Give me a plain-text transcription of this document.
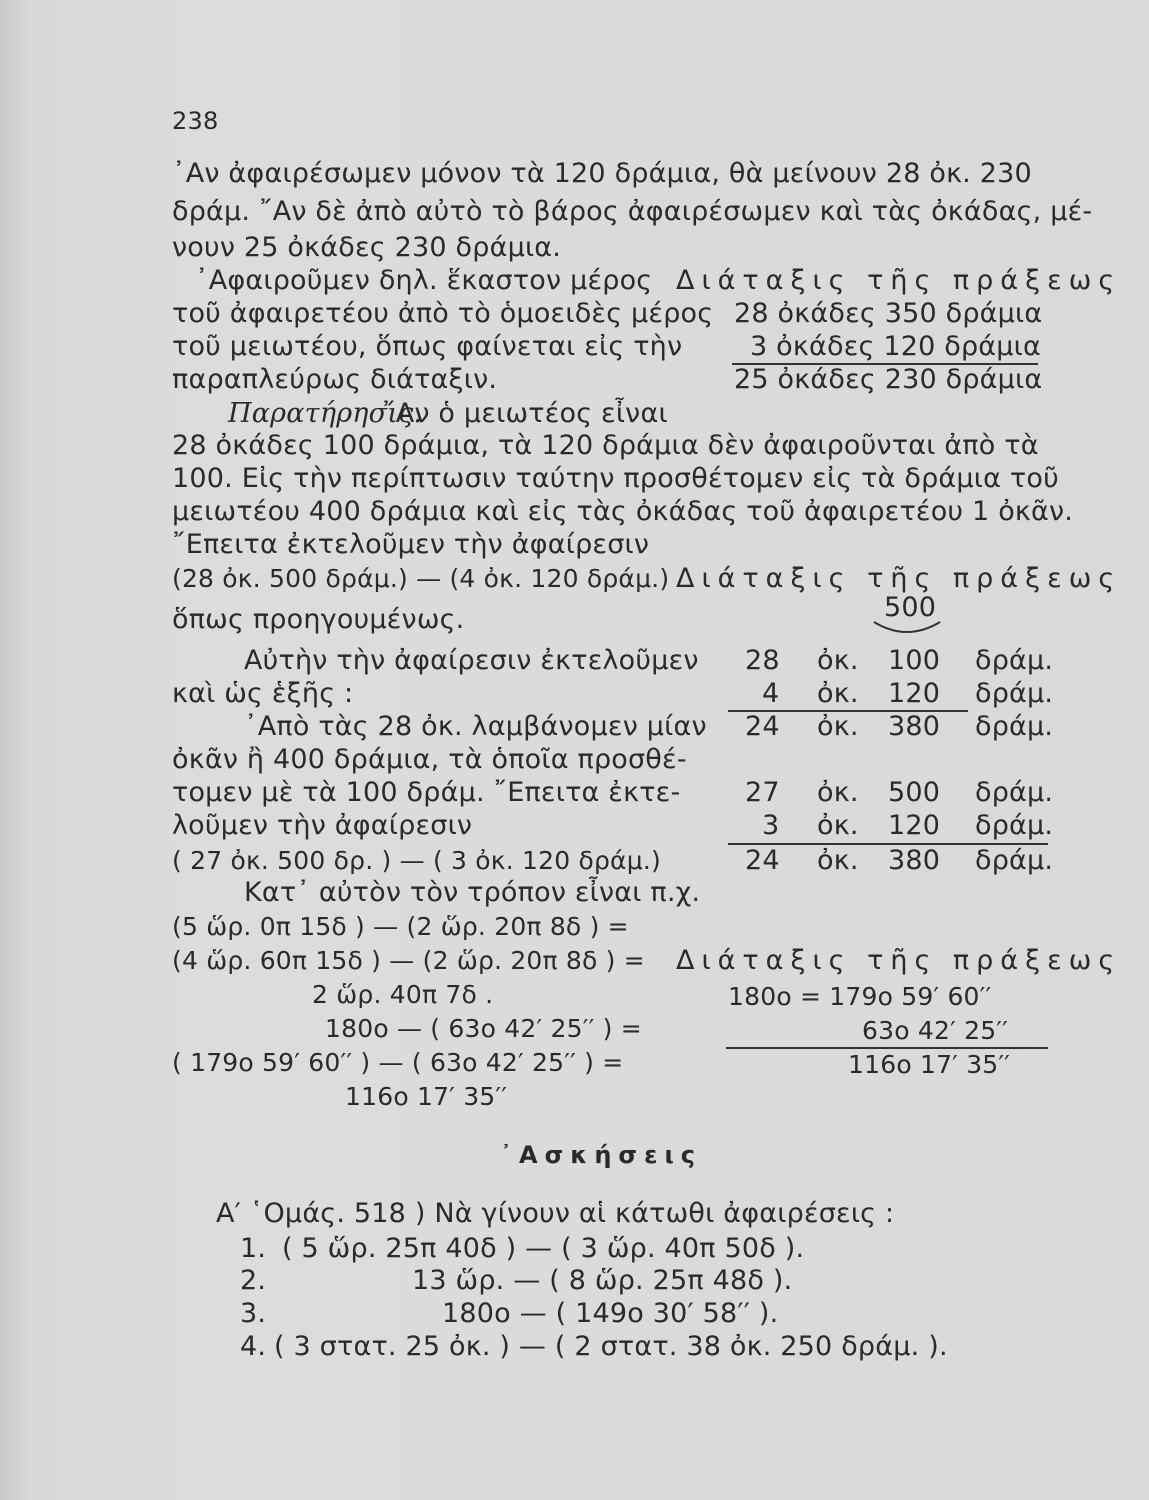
238
᾿Αν ἀφαιρέσωμεν μόνον τὰ 120 δράμια, θὰ μείνουν 28 ὀκ. 230
δράμ. ῎Αν δὲ ἀπὸ αὐτὸ τὸ βάρος ἀφαιρέσωμεν καὶ τὰς ὀκάδας, μέ-
νουν 25 ὀκάδες 230 δράμια.
᾿Αφαιροῦμεν δηλ. ἕκαστον μέρος
τοῦ ἀφαιρετέου ἀπὸ τὸ ὁμοειδὲς μέρος
τοῦ μειωτέου, ὅπως φαίνεται εἰς τὴν
παραπλεύρως διάταξιν.
Διάταξις τῆς πράξεως
28 ὀκάδες 350 δράμια
3 ὀκάδες 120 δράμια
25 ὀκάδες 230 δράμια
Παρατήρησις.
῎Αν ὁ μειωτέος εἶναι
28 ὀκάδες 100 δράμια, τὰ 120 δράμια δὲν ἀφαιροῦνται ἀπὸ τὰ
100. Εἰς τὴν περίπτωσιν ταύτην προσθέτομεν εἰς τὰ δράμια τοῦ
μειωτέου 400 δράμια καὶ εἰς τὰς ὀκάδας τοῦ ἀφαιρετέου 1 ὀκᾶν.
῎Επειτα ἐκτελοῦμεν τὴν ἀφαίρεσιν
(28 ὀκ. 500 δράμ.) — (4 ὀκ. 120 δράμ.)
ὅπως προηγουμένως.
Διάταξις τῆς πράξεως
500
Αὐτὴν τὴν ἀφαίρεσιν ἐκτελοῦμεν
καὶ ὡς ἑξῆς :
᾿Απὸ τὰς 28 ὀκ. λαμβάνομεν μίαν
ὀκᾶν ἢ 400 δράμια, τὰ ὁποῖα προσθέ-
τομεν μὲ τὰ 100 δράμ. ῎Επειτα ἐκτε-
λοῦμεν τὴν ἀφαίρεσιν
( 27 ὀκ. 500 δρ. ) — ( 3 ὀκ. 120 δράμ.)
28 ὀκ. 100 δράμ.
4 ὀκ. 120 δράμ.
24 ὀκ. 380 δράμ.
27 ὀκ. 500 δράμ.
3 ὀκ. 120 δράμ.
24 ὀκ. 380 δράμ.
Κατ᾿ αὐτὸν τὸν τρόπον εἶναι π.χ.
(5 ὥρ. 0π 15δ ) — (2 ὥρ. 20π 8δ ) =
(4 ὥρ. 60π 15δ ) — (2 ὥρ. 20π 8δ ) =
2 ὥρ. 40π 7δ .
180ο — ( 63ο 42′ 25′′ ) =
( 179ο 59′ 60′′ ) — ( 63ο 42′ 25′′ ) =
116ο 17′ 35′′
Διάταξις τῆς πράξεως
180ο = 179ο 59′ 60′′
63ο 42′ 25′′
116ο 17′ 35′′
᾿Ασκήσεις
Α′ ῾Ομάς. 518 ) Νὰ γίνουν αἱ κάτωθι ἀφαιρέσεις :
1. ( 5 ὥρ. 25π 40δ ) — ( 3 ὥρ. 40π 50δ ).
2.	13 ὥρ. — ( 8 ὥρ. 25π 48δ ).
3.	180ο — ( 149ο 30′ 58′′ ).
4. ( 3 στατ. 25 ὀκ. ) — ( 2 στατ. 38 ὀκ. 250 δράμ. ).
